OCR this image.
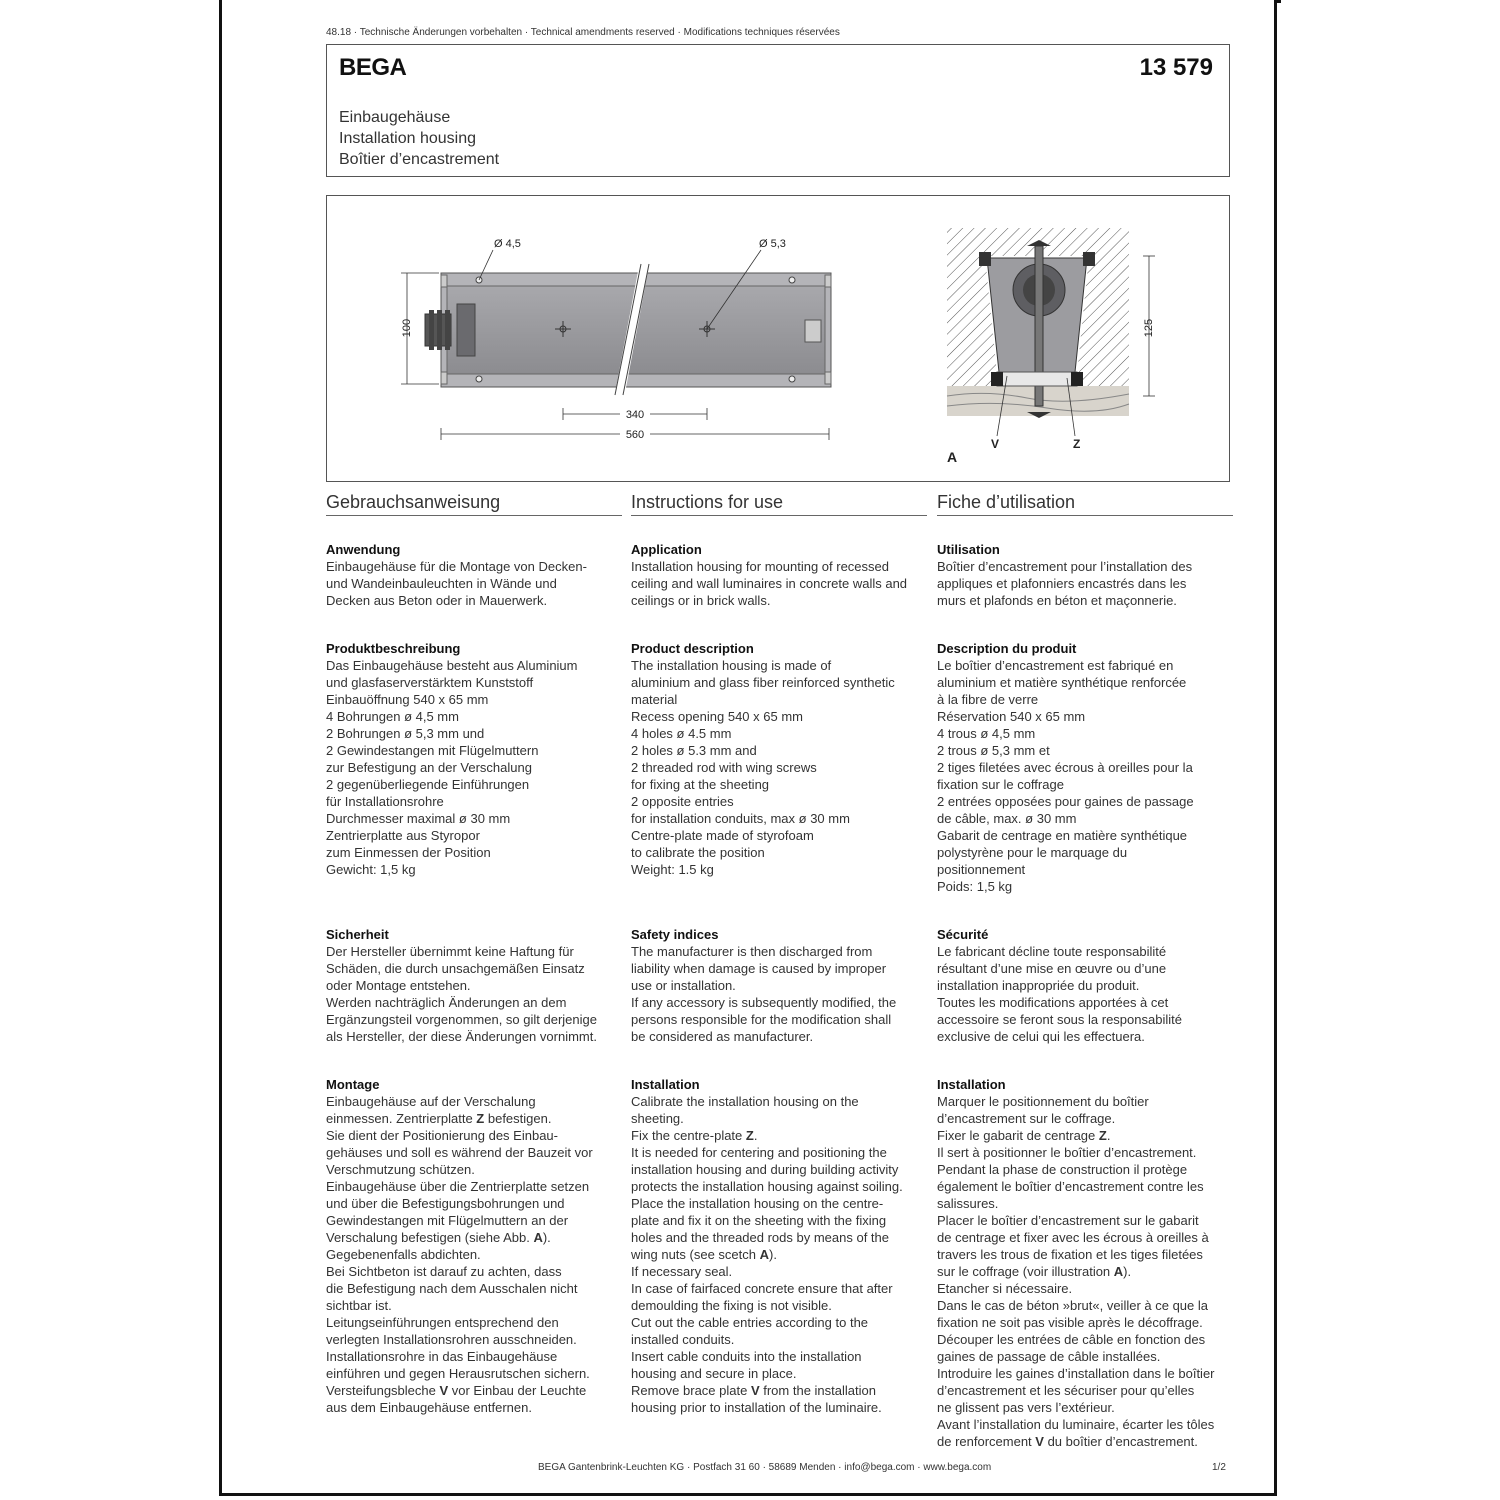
48.18 · Technische Änderungen vorbehalten · Technical amendments reserved · Modifications techniques réservées
BEGA	13 579
Einbaugehäuse
Installation housing
Boîtier d’encastrement
Ø 4,5	Ø 5,3
100
340
560
125
V	Z
A
Gebrauchsanweisung
Anwendung
Einbaugehäuse für die Montage von Decken-
und Wandeinbauleuchten in Wände und
Decken aus Beton oder in Mauerwerk.
Produktbeschreibung
Das Einbaugehäuse besteht aus Aluminium
und glasfaserverstärktem Kunststoff
Einbauöffnung 540 x 65 mm
4 Bohrungen ø 4,5 mm
2 Bohrungen ø 5,3 mm und
2 Gewindestangen mit Flügelmuttern
zur Befestigung an der Verschalung
2 gegenüberliegende Einführungen
für Installationsrohre
Durchmesser maximal ø 30 mm
Zentrierplatte aus Styropor
zum Einmessen der Position
Gewicht: 1,5 kg
Sicherheit
Der Hersteller übernimmt keine Haftung für
Schäden, die durch unsachgemäßen Einsatz
oder Montage entstehen.
Werden nachträglich Änderungen an dem
Ergänzungsteil vorgenommen, so gilt derjenige
als Hersteller, der diese Änderungen vornimmt.
Montage
Einbaugehäuse auf der Verschalung
einmessen. Zentrierplatte Z befestigen.
Sie dient der Positionierung des Einbau-
gehäuses und soll es während der Bauzeit vor
Verschmutzung schützen.
Einbaugehäuse über die Zentrierplatte setzen
und über die Befestigungsbohrungen und
Gewindestangen mit Flügelmuttern an der
Verschalung befestigen (siehe Abb. A).
Gegebenenfalls abdichten.
Bei Sichtbeton ist darauf zu achten, dass
die Befestigung nach dem Ausschalen nicht
sichtbar ist.
Leitungseinführungen entsprechend den
verlegten Installationsrohren ausschneiden.
Installationsrohre in das Einbaugehäuse
einführen und gegen Herausrutschen sichern.
Versteifungsbleche V vor Einbau der Leuchte
aus dem Einbaugehäuse entfernen.
Instructions for use
Application
Installation housing for mounting of recessed
ceiling and wall luminaires in concrete walls and
ceilings or in brick walls.
Product description
The installation housing is made of
aluminium and glass fiber reinforced synthetic
material
Recess opening 540 x 65 mm
4 holes ø 4.5 mm
2 holes ø 5.3 mm and
2 threaded rod with wing screws
for fixing at the sheeting
2 opposite entries
for installation conduits, max ø 30 mm
Centre-plate made of styrofoam
to calibrate the position
Weight: 1.5 kg
Safety indices
The manufacturer is then discharged from
liability when damage is caused by improper
use or installation.
If any accessory is subsequently modified, the
persons responsible for the modification shall
be considered as manufacturer.
Installation
Calibrate the installation housing on the
sheeting.
Fix the centre-plate Z.
It is needed for centering and positioning the
installation housing and during building activity
protects the installation housing against soiling.
Place the installation housing on the centre-
plate and fix it on the sheeting with the fixing
holes and the threaded rods by means of the
wing nuts (see scetch A).
If necessary seal.
In case of fairfaced concrete ensure that after
demoulding the fixing is not visible.
Cut out the cable entries according to the
installed conduits.
Insert cable conduits into the installation
housing and secure in place.
Remove brace plate V from the installation
housing prior to installation of the luminaire.
Fiche d’utilisation
Utilisation
Boîtier d’encastrement pour l’installation des
appliques et plafonniers encastrés dans les
murs et plafonds en béton et maçonnerie.
Description du produit
Le boîtier d’encastrement est fabriqué en
aluminium et matière synthétique renforcée
à la fibre de verre
Réservation 540 x 65 mm
4 trous ø 4,5 mm
2 trous ø 5,3 mm et
2 tiges filetées avec écrous à oreilles pour la
fixation sur le coffrage
2 entrées opposées pour gaines de passage
de câble, max. ø 30 mm
Gabarit de centrage en matière synthétique
polystyrène pour le marquage du
positionnement
Poids: 1,5 kg
Sécurité
Le fabricant décline toute responsabilité
résultant d’une mise en œuvre ou d’une
installation inappropriée du produit.
Toutes les modifications apportées à cet
accessoire se feront sous la responsabilité
exclusive de celui qui les effectuera.
Installation
Marquer le positionnement du boîtier
d’encastrement sur le coffrage.
Fixer le gabarit de centrage Z.
Il sert à positionner le boîtier d’encastrement.
Pendant la phase de construction il protège
également le boîtier d’encastrement contre les
salissures.
Placer le boîtier d’encastrement sur le gabarit
de centrage et fixer avec les écrous à oreilles à
travers les trous de fixation et les tiges filetées
sur le coffrage (voir illustration A).
Etancher si nécessaire.
Dans le cas de béton »brut«, veiller à ce que la
fixation ne soit pas visible après le décoffrage.
Découper les entrées de câble en fonction des
gaines de passage de câble installées.
Introduire les gaines d’installation dans le boîtier
d’encastrement et les sécuriser pour qu’elles
ne glissent pas vers l’extérieur.
Avant l’installation du luminaire, écarter les tôles
de renforcement V du boîtier d’encastrement.
BEGA Gantenbrink-Leuchten KG · Postfach 31 60 · 58689 Menden · info@bega.com · www.bega.com	1/2
